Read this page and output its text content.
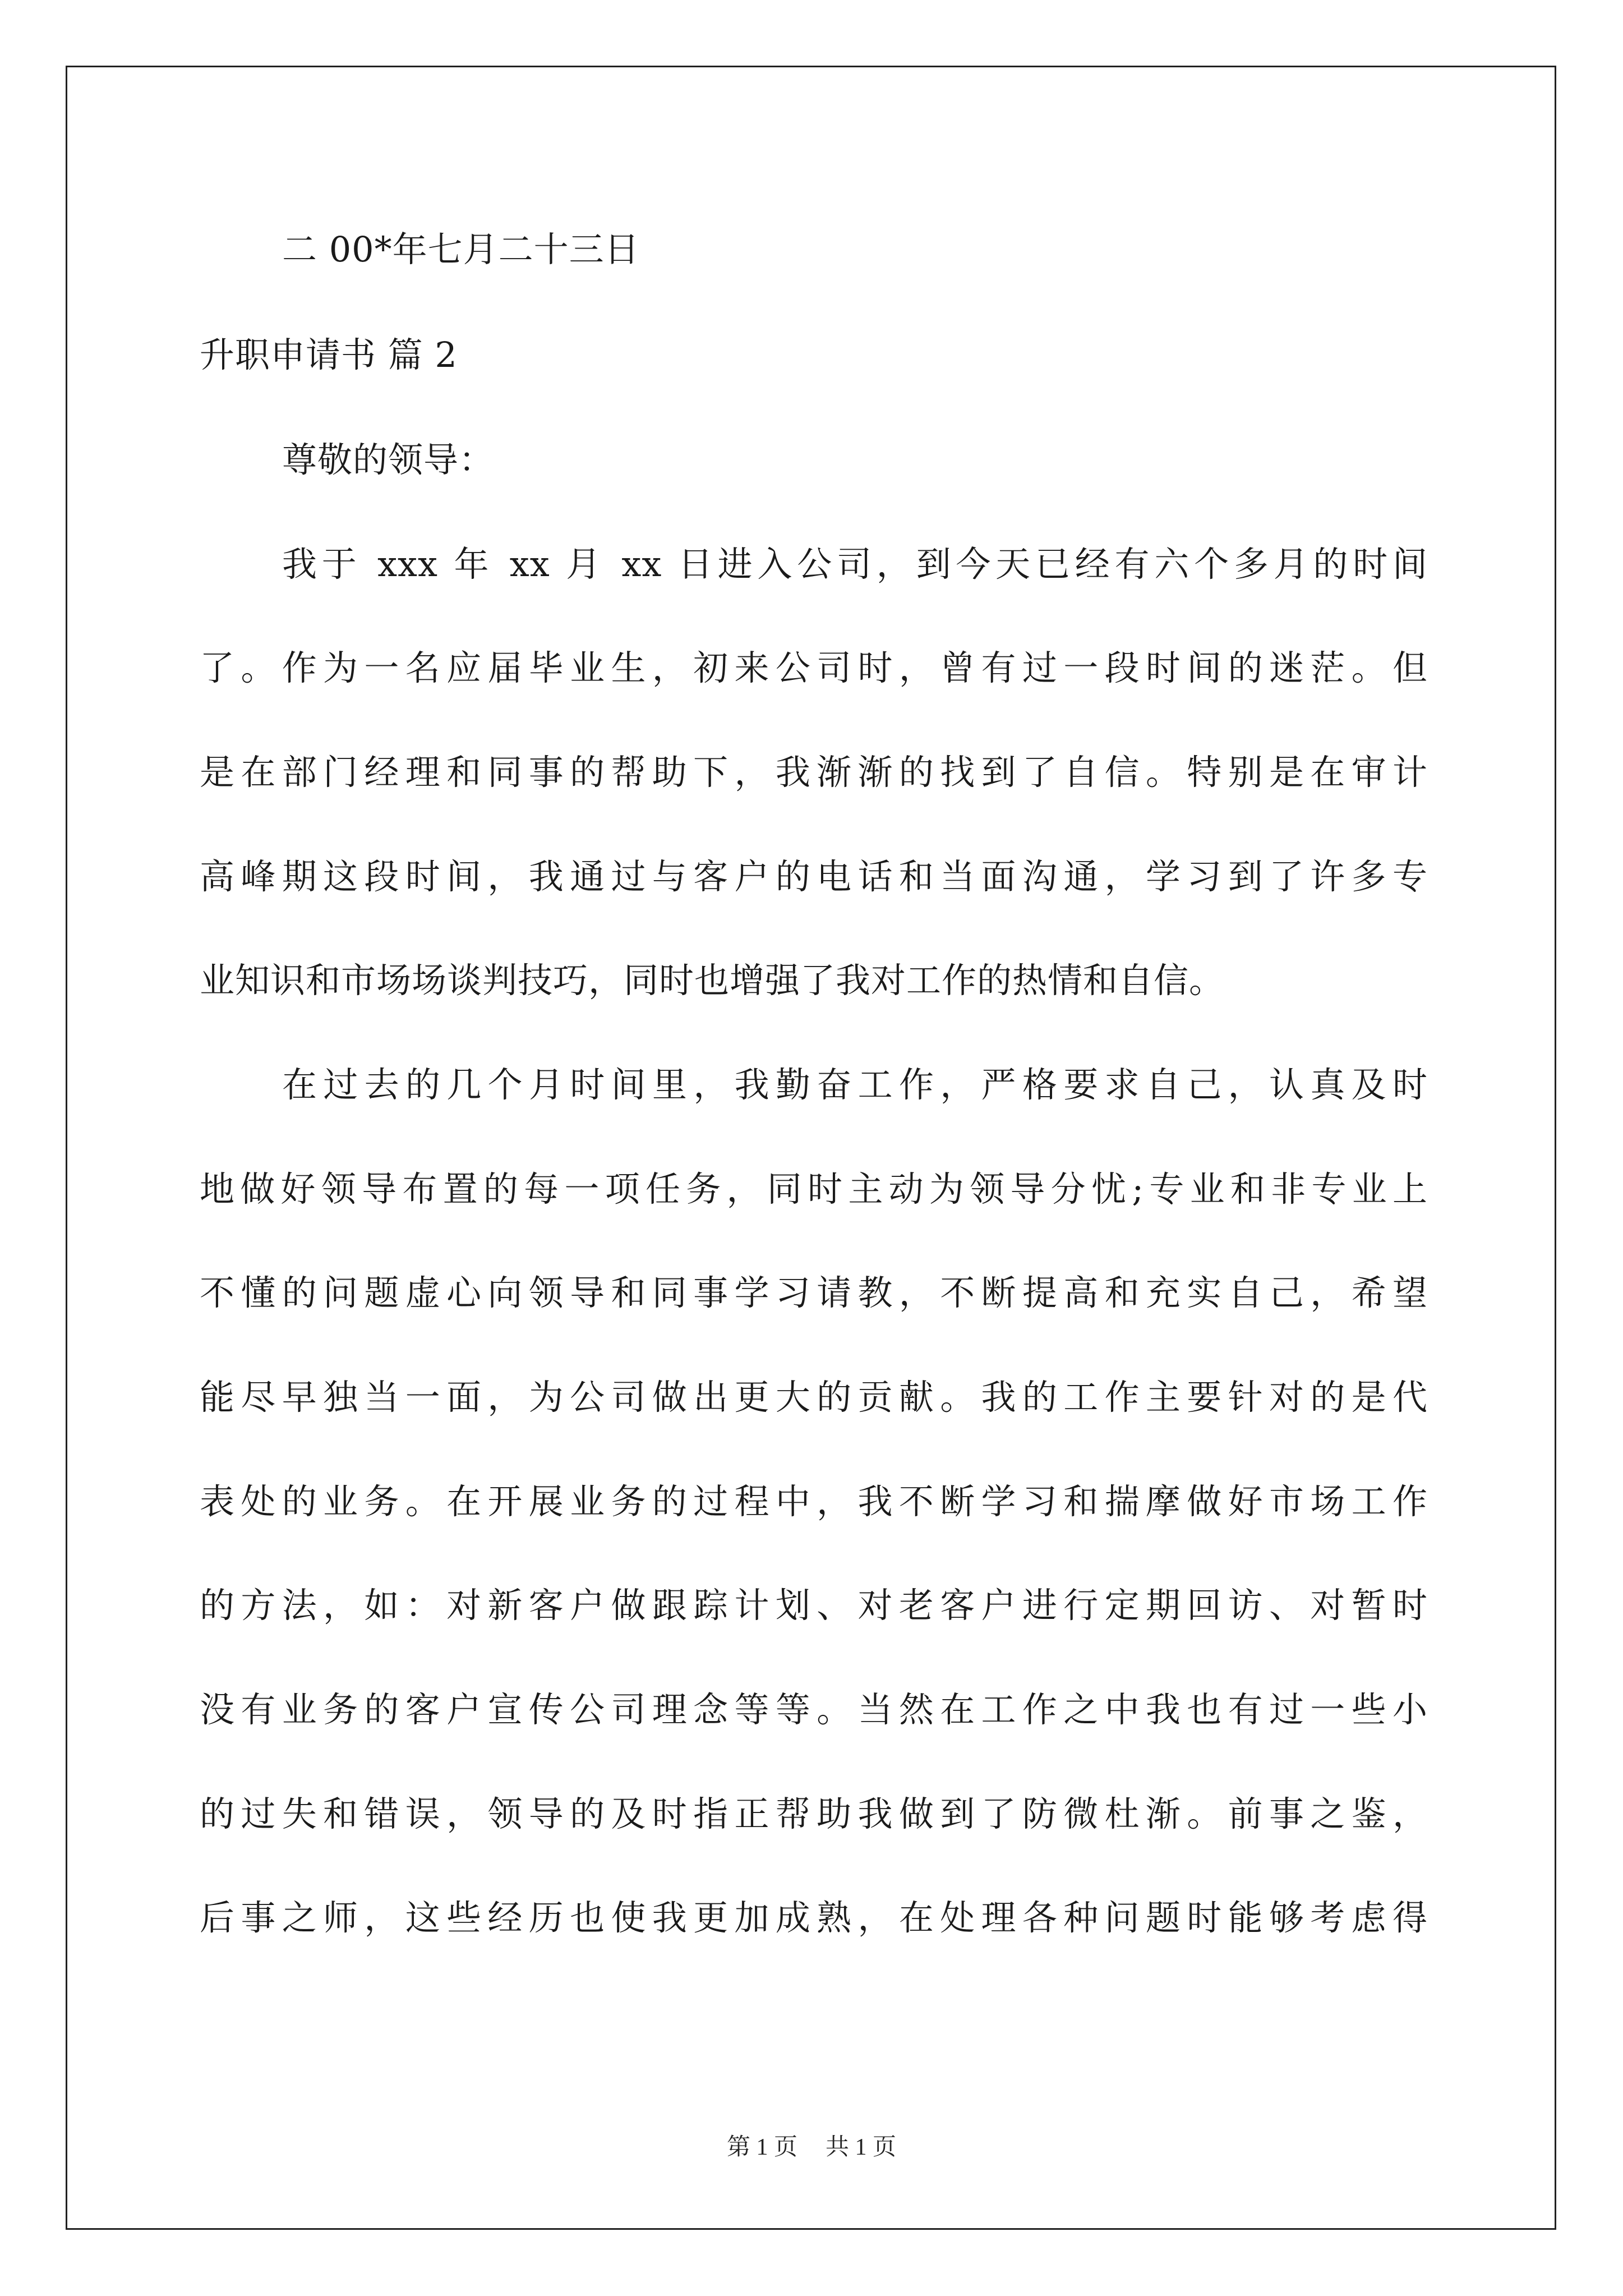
二 00*年七月二十三日
升职申请书 篇 2
尊敬的领导：
我于 xxx 年 xx 月 xx 日进入公司，到今天已经有六个多月的时间
了。作为一名应届毕业生，初来公司时，曾有过一段时间的迷茫。但
是在部门经理和同事的帮助下，我渐渐的找到了自信。特别是在审计
高峰期这段时间，我通过与客户的电话和当面沟通，学习到了许多专
业知识和市场场谈判技巧，同时也增强了我对工作的热情和自信。
在过去的几个月时间里，我勤奋工作，严格要求自己，认真及时
地做好领导布置的每一项任务，同时主动为领导分忧;专业和非专业上
不懂的问题虚心向领导和同事学习请教，不断提高和充实自己，希望
能尽早独当一面，为公司做出更大的贡献。我的工作主要针对的是代
表处的业务。在开展业务的过程中，我不断学习和揣摩做好市场工作
的方法，如：对新客户做跟踪计划、对老客户进行定期回访、对暂时
没有业务的客户宣传公司理念等等。当然在工作之中我也有过一些小
的过失和错误，领导的及时指正帮助我做到了防微杜渐。前事之鉴，
后事之师，这些经历也使我更加成熟，在处理各种问题时能够考虑得
第 1 页 共 1 页
